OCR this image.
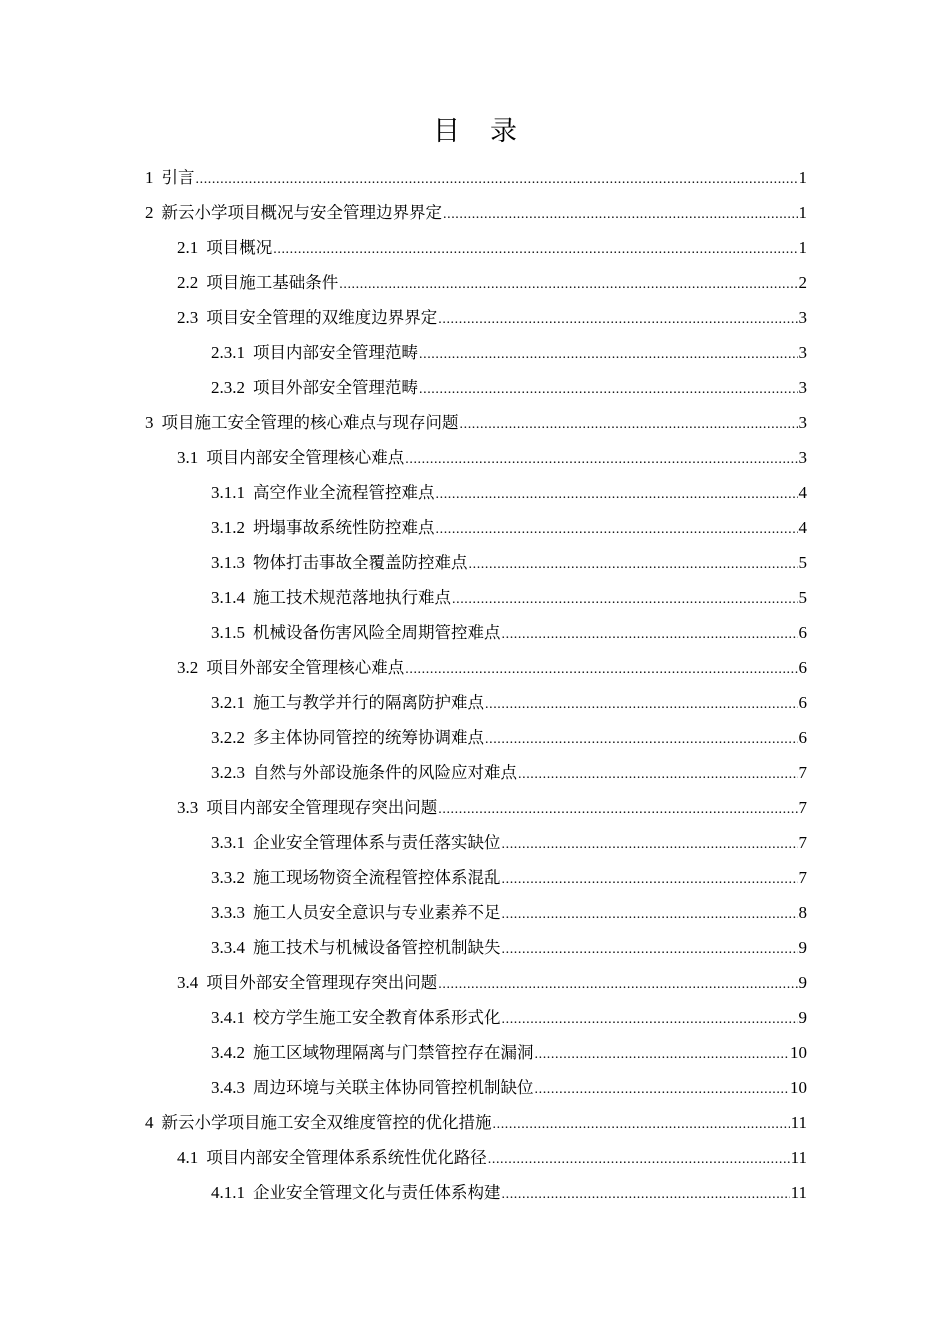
目录
1 引言 .....	1
2 新云小学项目概况与安全管理边界界定 .....	1
2.1 项目概况 .....	1
2.2 项目施工基础条件 .....	2
2.3 项目安全管理的双维度边界界定 .....	3
2.3.1 项目内部安全管理范畴 .....	3
2.3.2 项目外部安全管理范畴 .....	3
3 项目施工安全管理的核心难点与现存问题 .....	3
3.1 项目内部安全管理核心难点 .....	3
3.1.1 高空作业全流程管控难点 .....	4
3.1.2 坍塌事故系统性防控难点 .....	4
3.1.3 物体打击事故全覆盖防控难点 .....	5
3.1.4 施工技术规范落地执行难点 .....	5
3.1.5 机械设备伤害风险全周期管控难点 .....	6
3.2 项目外部安全管理核心难点 .....	6
3.2.1 施工与教学并行的隔离防护难点 .....	6
3.2.2 多主体协同管控的统筹协调难点 .....	6
3.2.3 自然与外部设施条件的风险应对难点 .....	7
3.3 项目内部安全管理现存突出问题 .....	7
3.3.1 企业安全管理体系与责任落实缺位 .....	7
3.3.2 施工现场物资全流程管控体系混乱 .....	7
3.3.3 施工人员安全意识与专业素养不足 .....	8
3.3.4 施工技术与机械设备管控机制缺失 .....	9
3.4 项目外部安全管理现存突出问题 .....	9
3.4.1 校方学生施工安全教育体系形式化 .....	9
3.4.2 施工区域物理隔离与门禁管控存在漏洞 .....	10
3.4.3 周边环境与关联主体协同管控机制缺位 .....	10
4 新云小学项目施工安全双维度管控的优化措施 .....	11
4.1 项目内部安全管理体系系统性优化路径 .....	11
4.1.1 企业安全管理文化与责任体系构建 .....	11
